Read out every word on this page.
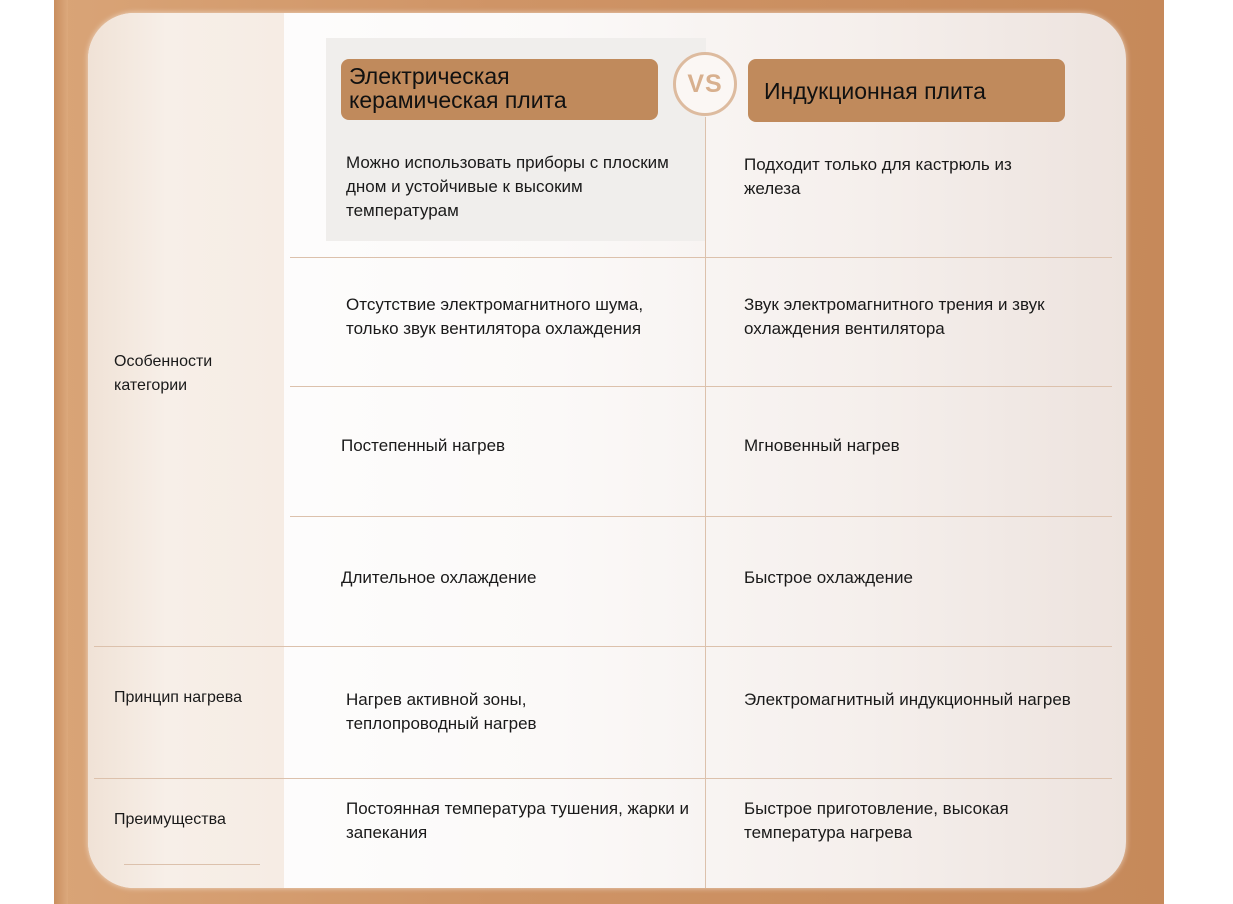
Электрическая керамическая плита
VS Индукционная плита
Особенности категории
Принцип нагрева
Преимущества
Можно использовать приборы с плоским дном и устойчивые к высоким температурам
Подходит только для кастрюль из железа
Отсутствие электромагнитного шума, только звук вентилятора охлаждения
Звук электромагнитного трения и звук охлаждения вентилятора
Постепенный нагрев	Мгновенный нагрев
Длительное охлаждение	Быстрое охлаждение
Нагрев активной зоны, теплопроводный нагрев
Электромагнитный индукционный нагрев
Постоянная температура тушения, жарки и запекания
Быстрое приготовление, высокая температура нагрева
